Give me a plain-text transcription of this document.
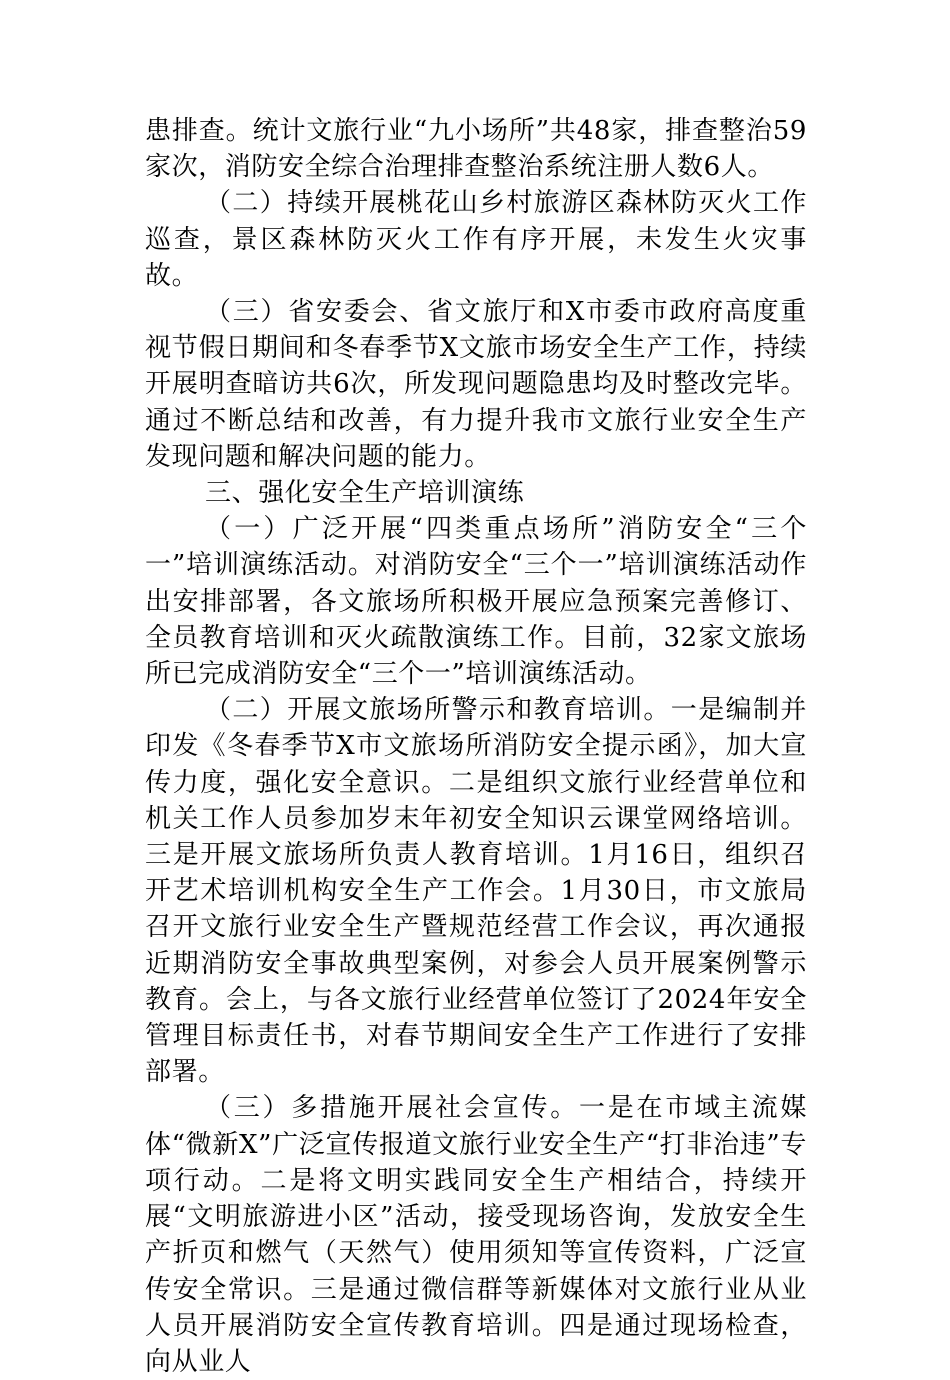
患排查。统计文旅行业“九小场所”共48家，排查整治59家次，消防安全综合治理排查整治系统注册人数6人。

（二）持续开展桃花山乡村旅游区森林防灭火工作巡查，景区森林防灭火工作有序开展，未发生火灾事故。

（三）省安委会、省文旅厅和X市委市政府高度重视节假日期间和冬春季节X文旅市场安全生产工作，持续开展明查暗访共6次，所发现问题隐患均及时整改完毕。通过不断总结和改善，有力提升我市文旅行业安全生产发现问题和解决问题的能力。

三、强化安全生产培训演练

（一）广泛开展“四类重点场所”消防安全“三个一”培训演练活动。对消防安全“三个一”培训演练活动作出安排部署，各文旅场所积极开展应急预案完善修订、全员教育培训和灭火疏散演练工作。目前，32家文旅场所已完成消防安全“三个一”培训演练活动。

（二）开展文旅场所警示和教育培训。一是编制并印发《冬春季节X市文旅场所消防安全提示函》，加大宣传力度，强化安全意识。二是组织文旅行业经营单位和机关工作人员参加岁末年初安全知识云课堂网络培训。三是开展文旅场所负责人教育培训。1月16日，组织召开艺术培训机构安全生产工作会。1月30日，市文旅局召开文旅行业安全生产暨规范经营工作会议，再次通报近期消防安全事故典型案例，对参会人员开展案例警示教育。会上，与各文旅行业经营单位签订了2024年安全管理目标责任书，对春节期间安全生产工作进行了安排部署。

（三）多措施开展社会宣传。一是在市域主流媒体“微新X”广泛宣传报道文旅行业安全生产“打非治违”专项行动。二是将文明实践同安全生产相结合，持续开展“文明旅游进小区”活动，接受现场咨询，发放安全生产折页和燃气（天然气）使用须知等宣传资料，广泛宣传安全常识。三是通过微信群等新媒体对文旅行业从业人员开展消防安全宣传教育培训。四是通过现场检查，向从业人
